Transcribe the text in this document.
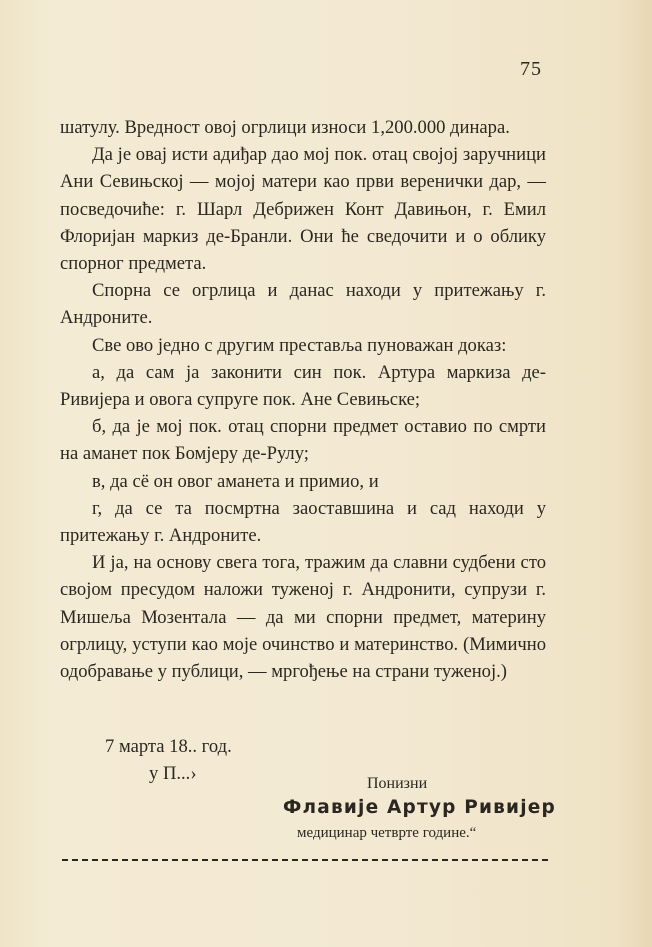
75

шатулу. Вредност овој огрлици износи 1,200.000 динара.

Да је овај исти адиђар дао мој пок. отац својој заручници Ани Севињској — мојој матери као први веренички дар, — посведочиће: г. Шарл Дебрижен Конт Давињон, г. Емил Флоријан маркиз де-Бранли. Они ће сведочити и о облику спорног предмета.

Спорна се огрлица и данас находи у притежању г. Андроните.

Све ово једно с другим преставља пуноважан доказ:

а, да сам ја законити син пок. Артура маркиза де-Ривијера и овога супруге пок. Ане Севињске;

б, да је мој пок. отац спорни предмет оставио по смрти на аманет пок Бомјеру де-Рулу;

в, да сё он овог аманета и примио, и

г, да се та посмртна заоставшина и сад находи у притежању г. Андроните.

И ја, на основу свега тога, тражим да славни судбени сто својом пресудом наложи туженој г. Андронити, супрузи г. Мишеља Мозентала — да ми спорни предмет, материну огрлицу, уступи као моје очинство и материнство. (Мимично одобравање у публици, — мргођење на страни туженој.)

7 марта 18.. год.
у П...›	Понизни
Флавије Артур Ривијер
медицинар четврте године.“
